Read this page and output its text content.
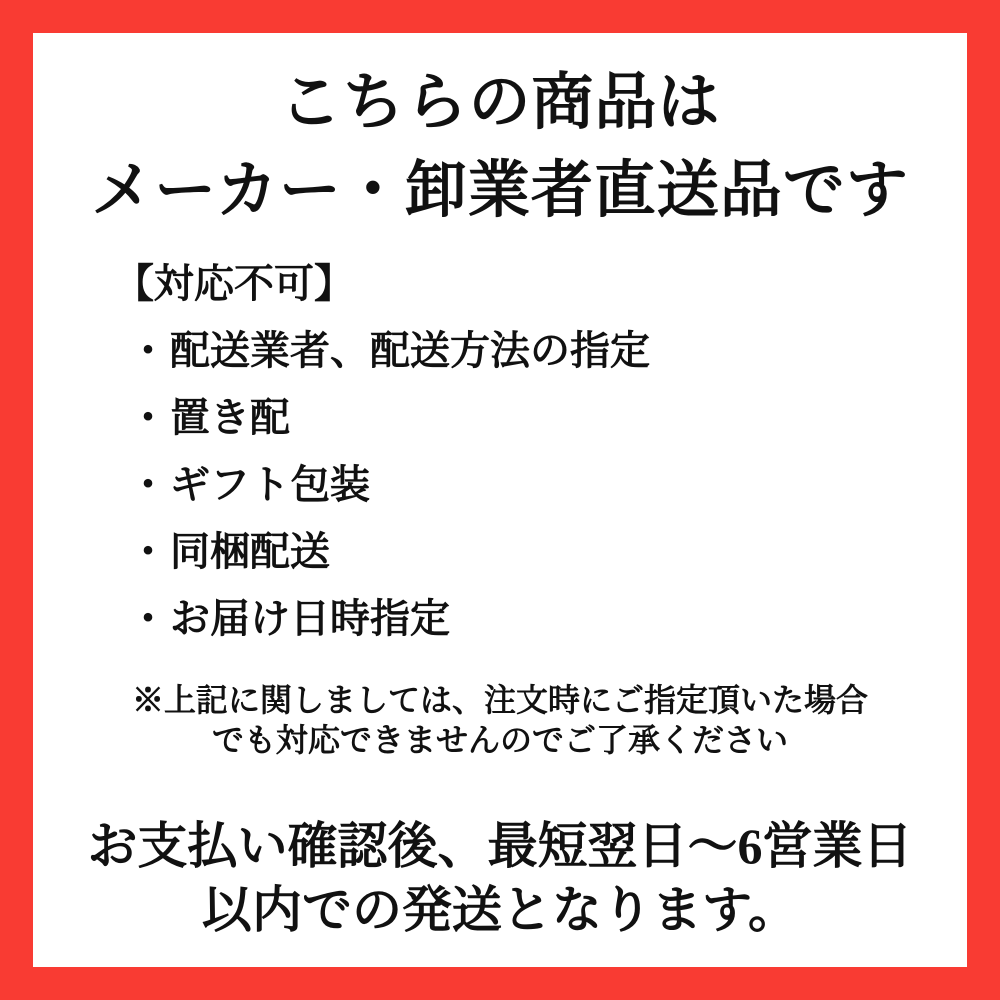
こちらの商品は
メーカー・卸業者直送品です
【対応不可】
・配送業者、配送方法の指定
・置き配
・ギフト包装
・同梱配送
・お届け日時指定
※上記に関しましては、注文時にご指定頂いた場合
でも対応できませんのでご了承ください
お支払い確認後、最短翌日〜6営業日
以内での発送となります。
